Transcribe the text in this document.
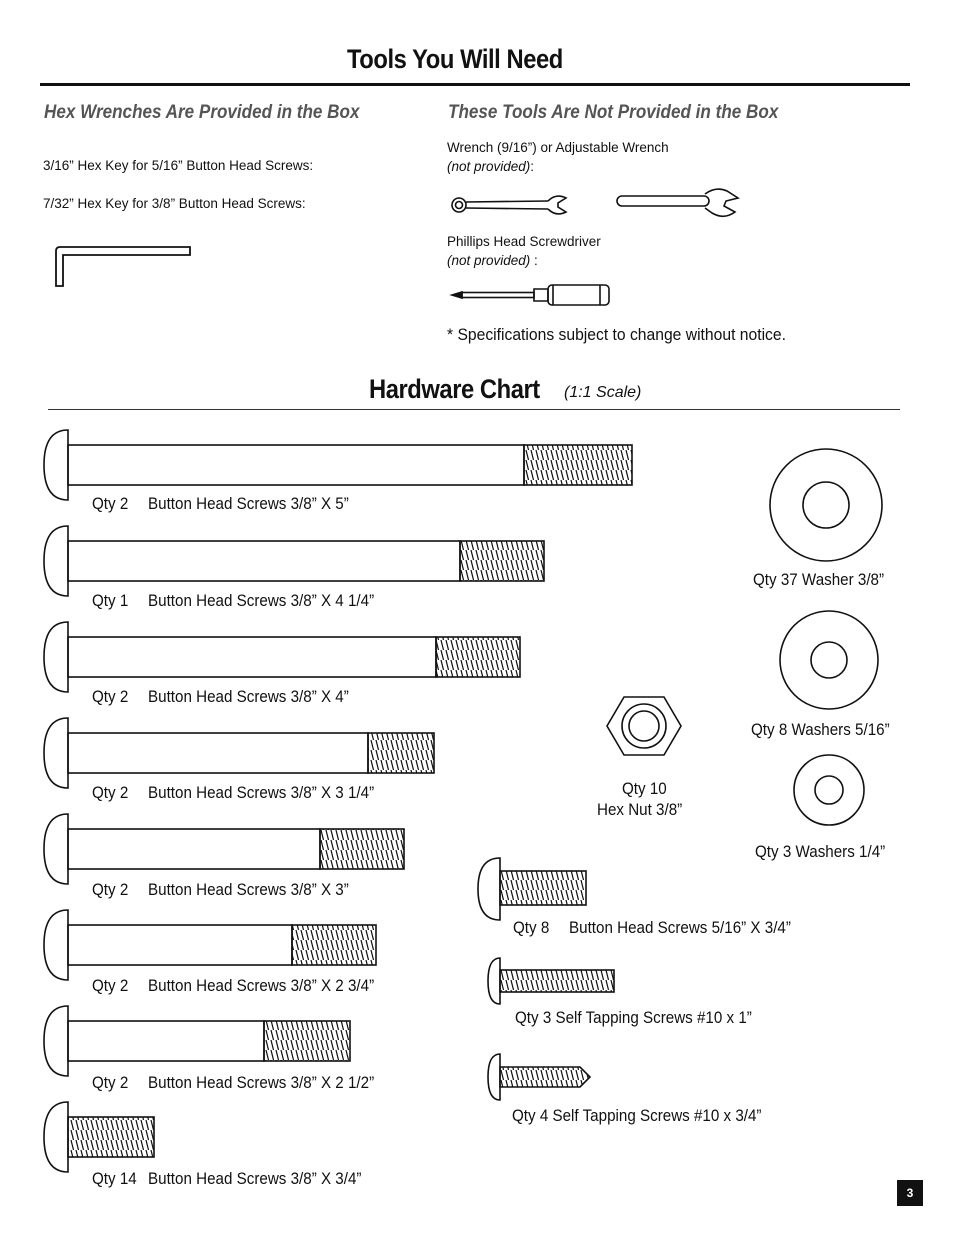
Tools You Will Need
Hex Wrenches Are Provided in the Box	These Tools Are Not Provided in the Box
3/16” Hex Key for 5/16” Button Head Screws:
7/32” Hex Key for 3/8” Button Head Screws:
Wrench (9/16”) or Adjustable Wrench
(not provided):
Phillips Head Screwdriver
(not provided) :
* Specifications subject to change without notice.
Hardware Chart	(1:1 Scale)
Qty 2 Button Head Screws 3/8” X 5”
Qty 1 Button Head Screws 3/8” X 4 1/4”
Qty 2 Button Head Screws 3/8” X 4”
Qty 2 Button Head Screws 3/8” X 3 1/4”
Qty 2 Button Head Screws 3/8” X 3”
Qty 2 Button Head Screws 3/8” X 2 3/4”
Qty 2 Button Head Screws 3/8” X 2 1/2”
Qty 14 Button Head Screws 3/8” X 3/4”
Qty 37 Washer 3/8”
Qty 8 Washers 5/16”
Qty 3 Washers 1/4”
Qty 10
Hex Nut 3/8”
Qty 8 Button Head Screws 5/16” X 3/4”
Qty 3 Self Tapping Screws #10 x 1”
Qty 4 Self Tapping Screws #10 x 3/4”
3
